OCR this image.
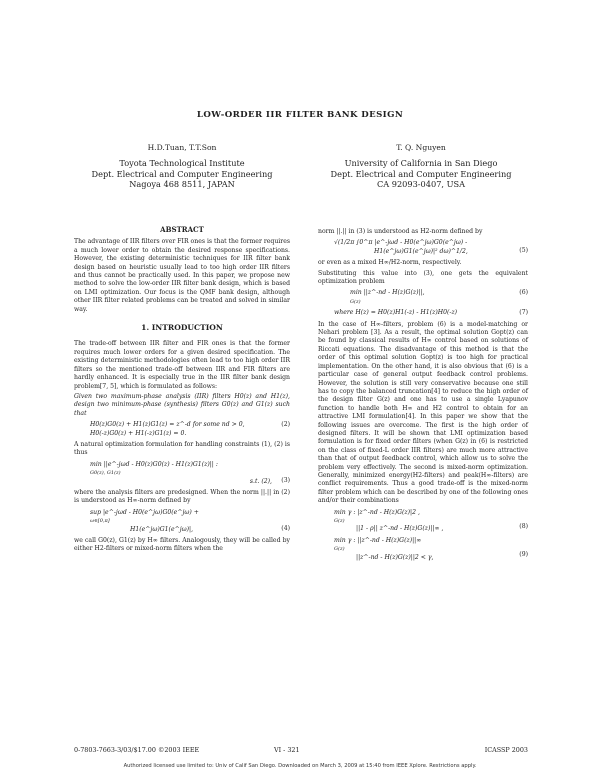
LOW-ORDER IIR FILTER BANK DESIGN
H.D.Tuan, T.T.Son
Toyota Technological Institute
Dept. Electrical and Computer Engineering
Nagoya 468 8511, JAPAN
T. Q. Nguyen
University of California in San Diego
Dept. Electrical and Computer Engineering
CA 92093-0407, USA
ABSTRACT

The advantage of IIR filters over FIR ones is that the former requires a much lower order to obtain the desired response specifications. However, the existing deterministic techniques for IIR filter bank design based on heuristic usually lead to too high order IIR filters and thus cannot be practically used. In this paper, we propose new method to solve the low-order IIR filter bank design, which is based on LMI optimization. Our focus is the QMF bank design, although other IIR filter related problems can be treated and solved in similar way.

1. INTRODUCTION

The trade-off between IIR filter and FIR ones is that the former requires much lower orders for a given desired specification. The existing deterministic methodologies often lead to too high order IIR filters so the mentioned trade-off between IIR and FIR filters are hardly enhanced. It is especially true in the IIR filter bank design problem[7, 5], which is formulated as follows:

Given two maximum-phase analysis (IIR) filters H0(z) and H1(z), design two minimum-phase (synthesis) filters G0(z) and G1(z) such that

H0(z)G0(z) + H1(z)G1(z) = z^-d for some nd > 0,
H0(-z)G0(z) + H1(-z)G1(z) = 0.
(2)

A natural optimization formulation for handling constraints (1), (2) is thus

min ||e^-jωd - H0(z)G0(z) - H1(z)G1(z)|| :
G0(z), G1(z)
s.t. (2), (3)

where the analysis filters are predesigned. When the norm ||.|| in (2) is understood as H∞-norm defined by

sup |e^-jωd - H0(e^jω)G0(e^jω) +
ω∈[0,π]
H1(e^jω)G1(e^jω)|,	(4)

we call G0(z), G1(z) by H∞ filters. Analogously, they will be called by either H2-filters or mixed-norm filters when the

norm ||.|| in (3) is understood as H2-norm defined by

√(1/2π ∫0^π |e^-jωd - H0(e^jω)G0(e^jω) -
H1(e^jω)G1(e^jω)|² dω)^1/2,	(5)

or even as a mixed H∞/H2-norm, respectively.

Substituting this value into (3), one gets the equivalent optimization problem

min ||z^-nd - H(z)G(z)||,
G(z)
(6)
where H(z) = H0(z)H1(-z) - H1(z)H0(-z)	(7)

In the case of H∞-filters, problem (6) is a model-matching or Nehari problem [3]. As a result, the optimal solution Gopt(z) can be found by classical results of H∞ control based on solutions of Riccati equations. The disadvantage of this method is that the order of this optimal solution Gopt(z) is too high for practical implementation. On the other hand, it is also obvious that (6) is a particular case of general output feedback control problems. However, the solution is still very conservative because one still has to copy the balanced truncation[4] to reduce the high order of the design filter G(z) and one has to use a single Lyapunov function to handle both H∞ and H2 control to obtain for an attractive LMI formulation[4]. In this paper we show that the following issues are overcome. The first is the high order of designed filters. It will be shown that LMI optimization based formulation is for fixed order filters (when G(z) in (6) is restricted on the class of fixed-L order IIR filters) are much more attractive than that of output feedback control, which allow us to solve the problem very effectively. The second is mixed-norm optimization. Generally, minimized energy(H2-filters) and peak(H∞-filters) are conflict requirements. Thus a good trade-off is the mixed-norm filter problem which can be described by one of the following ones and/or their combinations

min γ : |z^-nd - H(z)G(z)|2 ,
G(z)
||1 - ρ|| z^-nd - H(z)G(z)||∞ ,	(8)
min γ : ||z^-nd - H(z)G(z)||∞
G(z)
||z^-nd - H(z)G(z)||2 < γ,	(9)
0-7803-7663-3/03/$17.00 ©2003 IEEE	VI - 321	ICASSP 2003
Authorized licensed use limited to: Univ of Calif San Diego. Downloaded on March 3, 2009 at 15:40 from IEEE Xplore. Restrictions apply.
